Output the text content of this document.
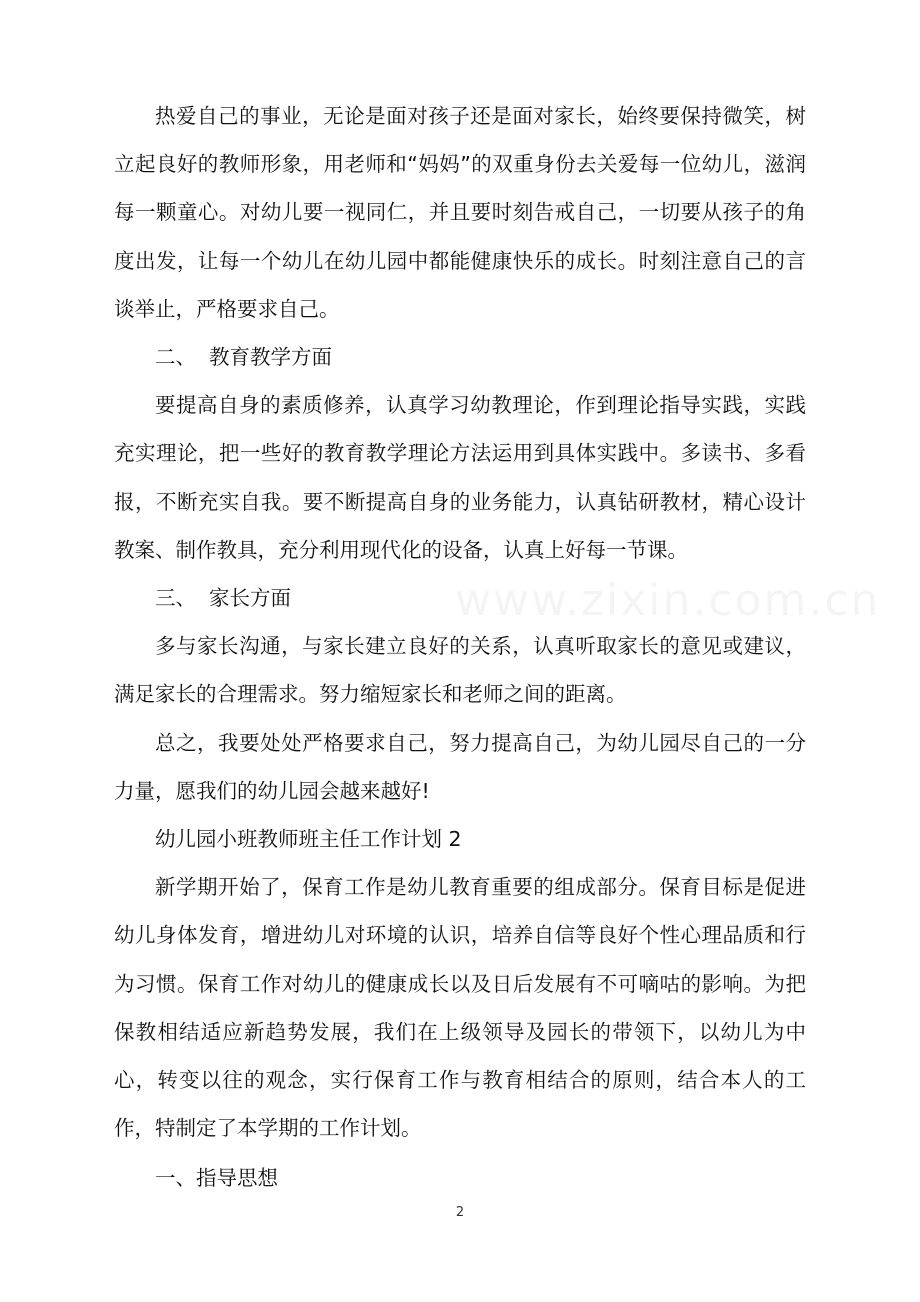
热爱自己的事业，无论是面对孩子还是面对家长，始终要保持微笑，树立起良好的教师形象，用老师和“妈妈”的双重身份去关爱每一位幼儿，滋润每一颗童心。对幼儿要一视同仁，并且要时刻告戒自己，一切要从孩子的角度出发，让每一个幼儿在幼儿园中都能健康快乐的成长。时刻注意自己的言谈举止，严格要求自己。

二、  教育教学方面

要提高自身的素质修养，认真学习幼教理论，作到理论指导实践，实践充实理论，把一些好的教育教学理论方法运用到具体实践中。多读书、多看报，不断充实自我。要不断提高自身的业务能力，认真钻研教材，精心设计教案、制作教具，充分利用现代化的设备，认真上好每一节课。

三、  家长方面

多与家长沟通，与家长建立良好的关系，认真听取家长的意见或建议，满足家长的合理需求。努力缩短家长和老师之间的距离。

总之，我要处处严格要求自己，努力提高自己，为幼儿园尽自己的一分力量，愿我们的幼儿园会越来越好!

幼儿园小班教师班主任工作计划 2

新学期开始了，保育工作是幼儿教育重要的组成部分。保育目标是促进幼儿身体发育，增进幼儿对环境的认识，培养自信等良好个性心理品质和行为习惯。保育工作对幼儿的健康成长以及日后发展有不可嘀咕的影响。为把保教相结适应新趋势发展，我们在上级领导及园长的带领下，以幼儿为中心，转变以往的观念，实行保育工作与教育相结合的原则，结合本人的工作，特制定了本学期的工作计划。

一、指导思想

2
